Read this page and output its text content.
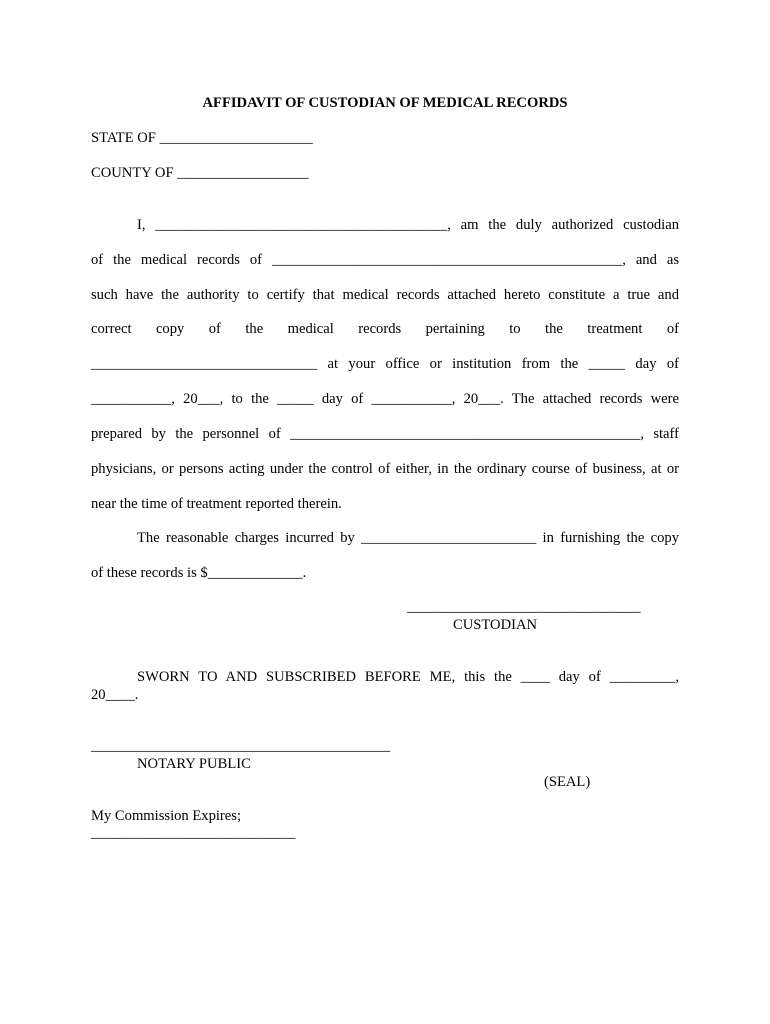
AFFIDAVIT OF CUSTODIAN OF MEDICAL RECORDS
STATE OF _____________________
COUNTY OF __________________
I, ________________________________________, am the duly authorized custodian
of the medical records of ________________________________________________, and as
such have the authority to certify that medical records attached hereto constitute a true and
correct copy of the medical records pertaining to the treatment of
_______________________________ at your office or institution from the _____ day of
___________, 20___, to the _____ day of ___________, 20___. The attached records were
prepared by the personnel of ________________________________________________, staff
physicians, or persons acting under the control of either, in the ordinary course of business, at or
near the time of treatment reported therein.
The reasonable charges incurred by ________________________ in furnishing the copy
of these records is $_____________.
________________________________
CUSTODIAN
SWORN TO AND SUBSCRIBED BEFORE ME, this the ____ day of _________,
20____.
_________________________________________
NOTARY PUBLIC
(SEAL)
My Commission Expires;
____________________________
